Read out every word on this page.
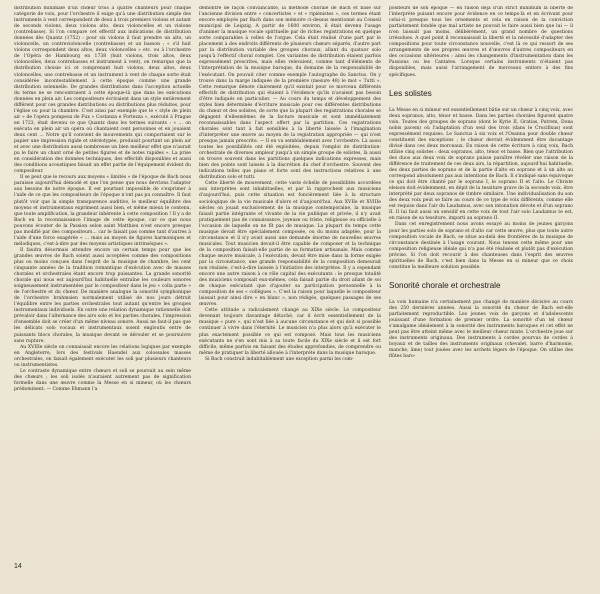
distribution minimale d'un chœur trois à quatre chanteurs pour chaque catégorie de voix, pour l'orchestre il exige qu'à une distribution simple des instruments à vent correspondent de deux à trois premiers violons et autant de seconds violons, deux violons alto, deux violoncelles et un violone (contrebasse). Si l'on compare cet effectif aux indications de distribution données dès Quantz (1752) : pour six violons il faut prendre un alto, un violoncelle, un contrevioloncelle (contrebasse) et un basson ; « s'il huit violons correspondent deux altos, deux violoncelles » etc. ou à l'orchestre de l'Opéra de Hambourg en 1738 (huit violons, trois altos, deux violoncelles, deux contrebasses et instrument à vent), on remarque que la distribution choisie ici et comprenant huit violons, deux altos, deux violoncelles, une contrebasse et un instrument à vent de chaque sorte était considérée incontestablement à cette époque comme une grande distribution solennelle. De grandes distributions dans l'acception actuelle du terme ne se rencontraient à cette époque-là que dans les exécutions données en plein air. Les compositeurs écrivaient dans un style entièrement différent pour ces grandes distributions ou distributions plus réduites, pour l'église ou pour la chambre. C'est ainsi par exemple que le « style de plein air » de l'opéra pompeux de Fux « Costanza e Fortezza », exécuté à Prague en 1723, était devenu ce que Quantz dans les termes suivants : « ... on exécuta en plein air un opéra où chantaient cent personnes et en jouaient deux cent ... Notre qu'il convient de mouvements qui comportaient sur le papier une impression rigide et stéréotypée, produisit pourtant un plein air et avec une distribution aussi nombreuse un bien meilleur effet que n'aurait pu le faire un chant orné de petites figures et de notes rapides ». La prise en considération des données techniques, des effectifs disponibles et aussi des conditions acoustiques faisait un effet partie de l'équipement évident du compositeur.

Il se peut que le recours aux moyens « limités » de l'époque de Bach nous paraisse aujourd'hui démodé et que l'on pense que nous devrions l'adapter aux besoins de notre époque. Il est pourtant impossible de s'exprimer à l'aide de ce que les compositeurs de l'époque n'ont pas pu connaître. Il faut plutôt voir que la simple transparence auditive, le meilleur équilibre des moyens et instrumentaux expriment aussi bien, et même mieux le contenu, que toute amplification, la grandeur inhérente à cette composition ! Il y a de Bach en la reconnaissance l'image de cette époque, car ce que nous pouvons écouter de la Passion selon saint Matthieu n'est encore presque pas modifié par des compositeurs... car le faisait pas comme tant d'autres à l'aide d'une force exagérée « ... mais au moyen de figures harmoniques et mélodiques, c'est-à-dire par des moyens artistiques intrinsèques ».

Il faudra désormais attendre encore un certain temps pour que les grandes œuvres de Bach soient aussi acceptées comme des compositions plus ou moins conçues dans l'esprit de la musique de chambre, les cent cinquante années de la tradition romantique d'exécution avec de masses chorales et orchestrales étant encore trop puissantes. La grande sonorité chorale qui nous est aujourd'hui habituelle entraîne les couleurs sonores soigneusement instrumentées par le compositeur dans le jeu « colla parte » de l'orchestre et du chœur. De manière analogue la sonorité symphonique de l'orchestre brahmsien normalement utilisé de nos jours détruit l'équilibre entre les parties orchestrales tout autant qu'entre les groupes instrumentaux individuels. En outre une relation dynamique rationnelle doit prévaloir dans l'alternance des airs solo et les parties chorales, l'impression d'ensemble doit se créer d'un même niveau sonore. Aussi ne faut-il pas que les délicats solo vocaux et instrumentaux soient engloutis entre de puissants blocs chorales, la musique devant se dérouler et se poursuivre sans rupture.

Au XVIIIe siècle on connaissait encore les relations logiques par exemple en Angleterre, lors des festivals Haendel aux colossales masses orchestrales, on faisait également exécuter les soli par plusieurs chanteurs ou instrumentistes.

Le contraste dynamique entre chœurs et soli se poursuit au sein même des chœurs ; les soli isolés n'auraient autrement pas de signification formelle dans une œuvre comme la Messe en si mineur, où les chœurs prédominent. — Comme Ehmann l'a

démontré de façon convaincante, la méthode chorale de Bach et base sur l'ancienne division entre « concertistes » et « ripiénistes », ces termes étant encore employés par Bach dans son mémoire ci-dessus mentionné au Conseil municipal de Leipzig. A partir de 1600 environ, il était devenu l'usage d'animer la musique vocale spirituelle par de riches registrations en quelque sorte comparables à celles de l'orgue. Cela était réalisé d'une part par le placement à des endroits différents de plusieurs chœurs séparés, d'autre part par la distribution variable des groupes choraux, allant du quatuor solo jusqu'à l'effectif choral complet. Ces variantes de distribution étaient parfois expressément prescrites, mais elles relevaient, comme tant d'éléments de l'interprétation de la musique baroque, du domaine de la responsabilité de l'exécutant. On pouvait citer comme exemple l'autographe du Sanctus. On y trouve dans la marge indiquée de la première (mesure 48) le mot « Tutti ». Cette remarque dénote clairement qu'il existait pour ce morceau différents effectifs de distribution qui étaient à l'évidence qu'ils n'avaient pas besoin d'être indiqués en particulier. — Au cours du temps et développement des styles bien déterminés d'écriture musicale pour ces différentes distributions du chœur et des solistes, de sorte que la plupart des registrations chorales se dégagent d'ellesmêmes de la facture musicale et sont immédiatement reconnaissables dans l'aspect offert par la partition. Ces registrations chorales sont tant à fait sensibles à la liberté laissée à l'imagination d'interpréter une œuvre au moyen de la registration appropriée — qui n'est presque jamais prescrite. — Il en va semblablement avec l'orchestre. Là aussi toutes les possibilités ont été exploitées, depuis l'emploi de distribution-orchestrale de diverses ampleur jusqu'à un simple groupe de solistes, là aussi on trouve souvent dans les partitions quelques indications expresses, mais bien des points sont laissés à la discrétion du chef d'orchestre. Souvent des indications telles que piano et forte sont des instructions relatives à une distribution solo et tutti.

Cette liberté de mouvement, cette vaste échelle de possibilités accordées aux interprètes sont inhabituelles, et par là rapprochent aux musiciens d'aujourd'hui, puis cette situation est foncièrement liée à la structure sociologique de la vie musicale d'alors et d'aujourd'hui. Aux XVIIe et XVIIIe siècles on jouait exclusivement de la musique contemporaine, la musique faisait partie intégrante et vivante de la vie publique et privée, il n'y avait pratiquement pas de connaissance, joyeuse ou triste, religieuse ou officielle à l'occasion de laquelle on ne fît pas de musique. La plupart du temps cette musique devait être spécialement composée, ou du moins adaptée, pour la circonstance et il n'y avait aussi une demande énorme de nouvelles œuvres musicales. Tout musicien devait-il être capable de composer et la technique de la composition faisait-elle partie de sa formation artisanale. Mais comme chaque œuvre musicale, à l'exécution, devait être mise dans la forme exigée par la circonstance, une grande responsabilité de la composition demeurait non réalisée, c'est-à-dire laissée à l'initiative des interprètes. Il y a cependant encore une autre raison à ce rôle capital des exécutants : le presque totalité des musiciens composait eux-mêmes, cela faisait partie du droit allant de soi de chaque exécutant que d'ajouter sa participation personnelle à la composition de ses « collègues ». C'est la raison pour laquelle le compositeur laissait pour ainsi dire « en blanc », non rédigés, quelques passages de ses œuvres.

Cette attitude a radicalement changé au XIXe siècle. Le compositeur devenant toujours davantage détaché, car il écrit essentiellement de la musique « pure », qui n'est liée à aucune circonstance et qui doit si possible continuer à vivre dans l'éternité. Le musicien n'a plus alors qu'à exécuter le plus exactement possible ce qui est composé. Mais tous les musiciens exécutants ne s'en sont mis à sa toute facile du XIXe siècle et il est fort difficile, même parfois en faisant des études approfondies, de comprendre ou même de pratiquer la liberté allouée à l'interprète dans la musique baroque.

Si Bach construit indubitablement une exception parmi les com-

positeurs de son époque — en raison déjà d'un strict minimum la liberté de l'interprète puisant encore pour évidence en ce temps-là et en écrivant pour celui-ci presque tous les ornements et cela en raison de la conviction parfaitement fondée que mal artiste ne pouvait le faire aussi bien que lui — il n'en laissait pas moins, délibérément, un grand nombre de questions irrésolues. A quel point il reconnaissait la liberté et la nécessité d'adapter des compositions pour toute circonstance nouvelle, c'est là ce qui ressort de ses arrangements de ses propres œuvres et d'œuvres d'autres compositeurs en des occasions ultérieures : ainsi les changements d'instrumentation dans les Passions ou les Cantates. Lorsque certains instruments n'étaient pas disponibles, mais aussi l'arrangement de morceaux entiers à des fins spécifiques.

Les solistes

La Messe en si mineur est essentiellement bâtie sur un chœur à cinq voix, avec deux sopranos, alto, ténor et basse. Dans les parties chorales figurent quatre voix. Toutes des groupes de soprano (dont le Kyrie II, Gratias, Patrem, Dona nobis pacem) où l'adaptation d'un seul des trois (dans le Crucifixus) sont expressément requises. Le Sanctus à six voix et l'Osanna pour double chœur constituent des exceptions ; le chœur devrait évidemment être davantage divisé dans ces deux morceaux. En raison de cette écriture à cinq voix, Bach utilise cinq solistes : deux sopranos, alto, ténor et basse. Bien que l'attribution des duos aux deux voix de soprano puisse paraître révéler une raison de la différence de traitement de ces deux airs, la répartition, aujourd'hui habituelle, des deux parties de soprano et de la partie d'alto en soprano et à un alto au correspond absolument pas aux intentions de Bach. Il s'indiqué sans équivoque ce qui doit être chanté par le soprano I, le soprano II et l'alto. Le Christe eleison doit évidemment, en dépit de la tessiture grave de la seconde voix, être interprété par deux sopranos de timbre similaire. Une individualisation du son des deux voix peut se faire au cours de ce type de voix différents, comme elle est requise dans l'air du Laudamus, avec son intonation dévote et d'un soprano II. Il lui faut aussi un sensitif en cette voix de tout l'air solo Laudamus te est, en raison de sa tessiture, imparti au soprano II.

Dans cet enregistrement nous avons essayé au moins de jeunes garçons pour les parties solo de soprano et d'alto car cette œuvre, plus que toute autre composition vocale de Bach, se situe au-delà des frontières de la musique de circonstance destinée à l'usage courant. Nous tenons cette même pour une composition religieuse idéale qui n'a pas été réalisée et plutôt pas d'exécution précise. Si l'on doit recourir à des chanteuses dans l'esprit des œuvres spirituelles de Bach, c'est bien dans la Messe en si mineur que ce choix constitue la meilleure solution possible.

Sonorité chorale et orchestrale

La voix humaine n'a certainement pas changé de manière décisive au cours des 250 dernières années. Aussi la sonorité du chœur de Bach est-elle parfaitement reproductible. Les jeunes voix de garçons et d'adolescents jouissant d'une formation de premier ordre. La sonorité d'un tel chœur s'amalgame idéalement à la sonorité des instruments baroques et cet effet ne peut pas être atteint même avec le meilleur chœur mixte. L'orchestre joue sur des instruments originaux. Des instruments à cordes pourvus de cordes à boyaux et de tailles des instruments originaux (chevalet, barre d'harmonie, manche, âme) tout jouées avec les archets légers de l'époque. On utilise des flûtes baro-

14
